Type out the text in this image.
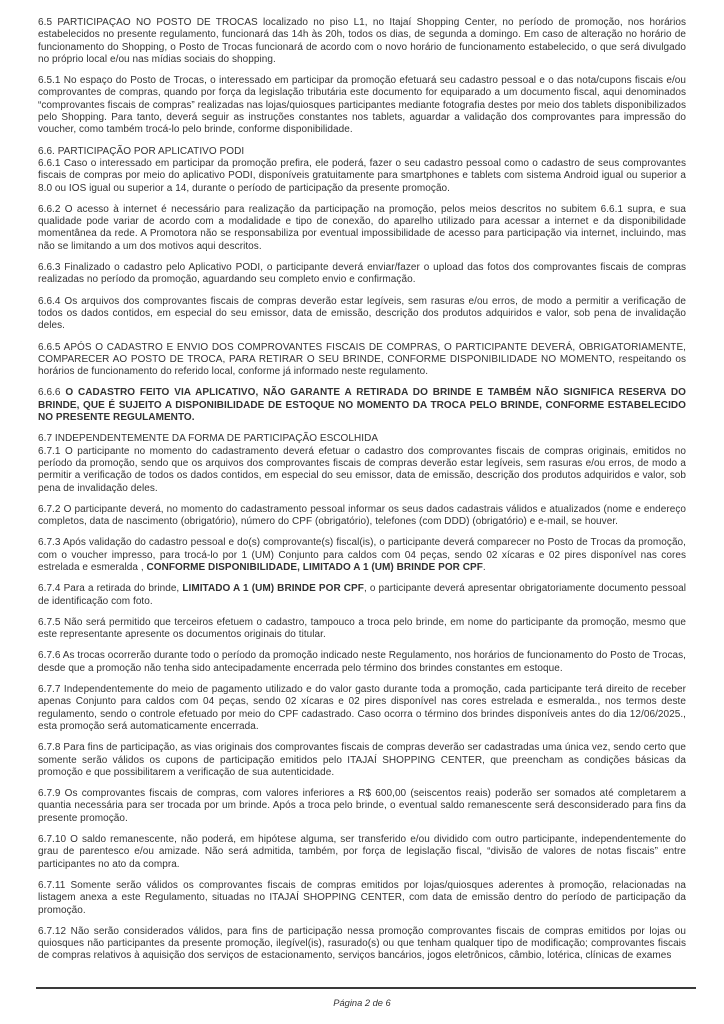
6.5 PARTICIPAÇÃO NO POSTO DE TROCAS localizado no piso L1, no Itajaí Shopping Center, no período de promoção, nos horários estabelecidos no presente regulamento, funcionará das 14h às 20h, todos os dias, de segunda a domingo. Em caso de alteração no horário de funcionamento do Shopping, o Posto de Trocas funcionará de acordo com o novo horário de funcionamento estabelecido, o que será divulgado no próprio local e/ou nas mídias sociais do shopping.

6.5.1 No espaço do Posto de Trocas, o interessado em participar da promoção efetuará seu cadastro pessoal e o das nota/cupons fiscais e/ou comprovantes de compras, quando por força da legislação tributária este documento for equiparado a um documento fiscal, aqui denominados “comprovantes fiscais de compras” realizadas nas lojas/quiosques participantes mediante fotografia destes por meio dos tablets disponibilizados pelo Shopping. Para tanto, deverá seguir as instruções constantes nos tablets, aguardar a validação dos comprovantes para impressão do voucher, como também trocá-lo pelo brinde, conforme disponibilidade.

6.6. PARTICIPAÇÃO POR APLICATIVO PODI

6.6.1 Caso o interessado em participar da promoção prefira, ele poderá, fazer o seu cadastro pessoal como o cadastro de seus comprovantes fiscais de compras por meio do aplicativo PODI, disponíveis gratuitamente para smartphones e tablets com sistema Android igual ou superior a 8.0 ou IOS igual ou superior a 14, durante o período de participação da presente promoção.

6.6.2 O acesso à internet é necessário para realização da participação na promoção, pelos meios descritos no subitem 6.6.1 supra, e sua qualidade pode variar de acordo com a modalidade e tipo de conexão, do aparelho utilizado para acessar a internet e da disponibilidade momentânea da rede. A Promotora não se responsabiliza por eventual impossibilidade de acesso para participação via internet, incluindo, mas não se limitando a um dos motivos aqui descritos.

6.6.3 Finalizado o cadastro pelo Aplicativo PODI, o participante deverá enviar/fazer o upload das fotos dos comprovantes fiscais de compras realizadas no período da promoção, aguardando seu completo envio e confirmação.

6.6.4 Os arquivos dos comprovantes fiscais de compras deverão estar legíveis, sem rasuras e/ou erros, de modo a permitir a verificação de todos os dados contidos, em especial do seu emissor, data de emissão, descrição dos produtos adquiridos e valor, sob pena de invalidação deles.

6.6.5 APÓS O CADASTRO E ENVIO DOS COMPROVANTES FISCAIS DE COMPRAS, O PARTICIPANTE DEVERÁ, OBRIGATORIAMENTE, COMPARECER AO POSTO DE TROCA, PARA RETIRAR O SEU BRINDE, CONFORME DISPONIBILIDADE NO MOMENTO, respeitando os horários de funcionamento do referido local, conforme já informado neste regulamento.

6.6.6 O CADASTRO FEITO VIA APLICATIVO, NÃO GARANTE A RETIRADA DO BRINDE E TAMBÉM NÃO SIGNIFICA RESERVA DO BRINDE, QUE É SUJEITO A DISPONIBILIDADE DE ESTOQUE NO MOMENTO DA TROCA PELO BRINDE, CONFORME ESTABELECIDO NO PRESENTE REGULAMENTO.

6.7 INDEPENDENTEMENTE DA FORMA DE PARTICIPAÇÃO ESCOLHIDA

6.7.1 O participante no momento do cadastramento deverá efetuar o cadastro dos comprovantes fiscais de compras originais, emitidos no período da promoção, sendo que os arquivos dos comprovantes fiscais de compras deverão estar legíveis, sem rasuras e/ou erros, de modo a permitir a verificação de todos os dados contidos, em especial do seu emissor, data de emissão, descrição dos produtos adquiridos e valor, sob pena de invalidação deles.

6.7.2 O participante deverá, no momento do cadastramento pessoal informar os seus dados cadastrais válidos e atualizados (nome e endereço completos, data de nascimento (obrigatório), número do CPF (obrigatório), telefones (com DDD) (obrigatório) e e-mail, se houver.

6.7.3 Após validação do cadastro pessoal e do(s) comprovante(s) fiscal(is), o participante deverá comparecer no Posto de Trocas da promoção, com o voucher impresso, para trocá-lo por 1 (UM) Conjunto para caldos com 04 peças, sendo 02 xícaras e 02 pires disponível nas cores estrelada e esmeralda , CONFORME DISPONIBILIDADE, LIMITADO A 1 (UM) BRINDE POR CPF.

6.7.4 Para a retirada do brinde, LIMITADO A 1 (UM) BRINDE POR CPF, o participante deverá apresentar obrigatoriamente documento pessoal de identificação com foto.

6.7.5 Não será permitido que terceiros efetuem o cadastro, tampouco a troca pelo brinde, em nome do participante da promoção, mesmo que este representante apresente os documentos originais do titular.

6.7.6 As trocas ocorrerão durante todo o período da promoção indicado neste Regulamento, nos horários de funcionamento do Posto de Trocas, desde que a promoção não tenha sido antecipadamente encerrada pelo término dos brindes constantes em estoque.

6.7.7 Independentemente do meio de pagamento utilizado e do valor gasto durante toda a promoção, cada participante terá direito de receber apenas Conjunto para caldos com 04 peças, sendo 02 xícaras e 02 pires disponível nas cores estrelada e esmeralda., nos termos deste regulamento, sendo o controle efetuado por meio do CPF cadastrado. Caso ocorra o término dos brindes disponíveis antes do dia 12/06/2025., esta promoção será automaticamente encerrada.

6.7.8 Para fins de participação, as vias originais dos comprovantes fiscais de compras deverão ser cadastradas uma única vez, sendo certo que somente serão válidos os cupons de participação emitidos pelo ITAJAÍ SHOPPING CENTER, que preencham as condições básicas da promoção e que possibilitarem a verificação de sua autenticidade.

6.7.9 Os comprovantes fiscais de compras, com valores inferiores a R$ 600,00 (seiscentos reais) poderão ser somados até completarem a quantia necessária para ser trocada por um brinde. Após a troca pelo brinde, o eventual saldo remanescente será desconsiderado para fins da presente promoção.

6.7.10 O saldo remanescente, não poderá, em hipótese alguma, ser transferido e/ou dividido com outro participante, independentemente do grau de parentesco e/ou amizade. Não será admitida, também, por força de legislação fiscal, “divisão de valores de notas fiscais” entre participantes no ato da compra.

6.7.11 Somente serão válidos os comprovantes fiscais de compras emitidos por lojas/quiosques aderentes à promoção, relacionadas na listagem anexa a este Regulamento, situadas no ITAJAÍ SHOPPING CENTER, com data de emissão dentro do período de participação da promoção.

6.7.12 Não serão considerados válidos, para fins de participação nessa promoção comprovantes fiscais de compras emitidos por lojas ou quiosques não participantes da presente promoção, ilegível(is), rasurado(s) ou que tenham qualquer tipo de modificação; comprovantes fiscais de compras relativos à aquisição dos serviços de estacionamento, serviços bancários, jogos eletrônicos, câmbio, lotérica, clínicas de exames

Página 2 de 6
